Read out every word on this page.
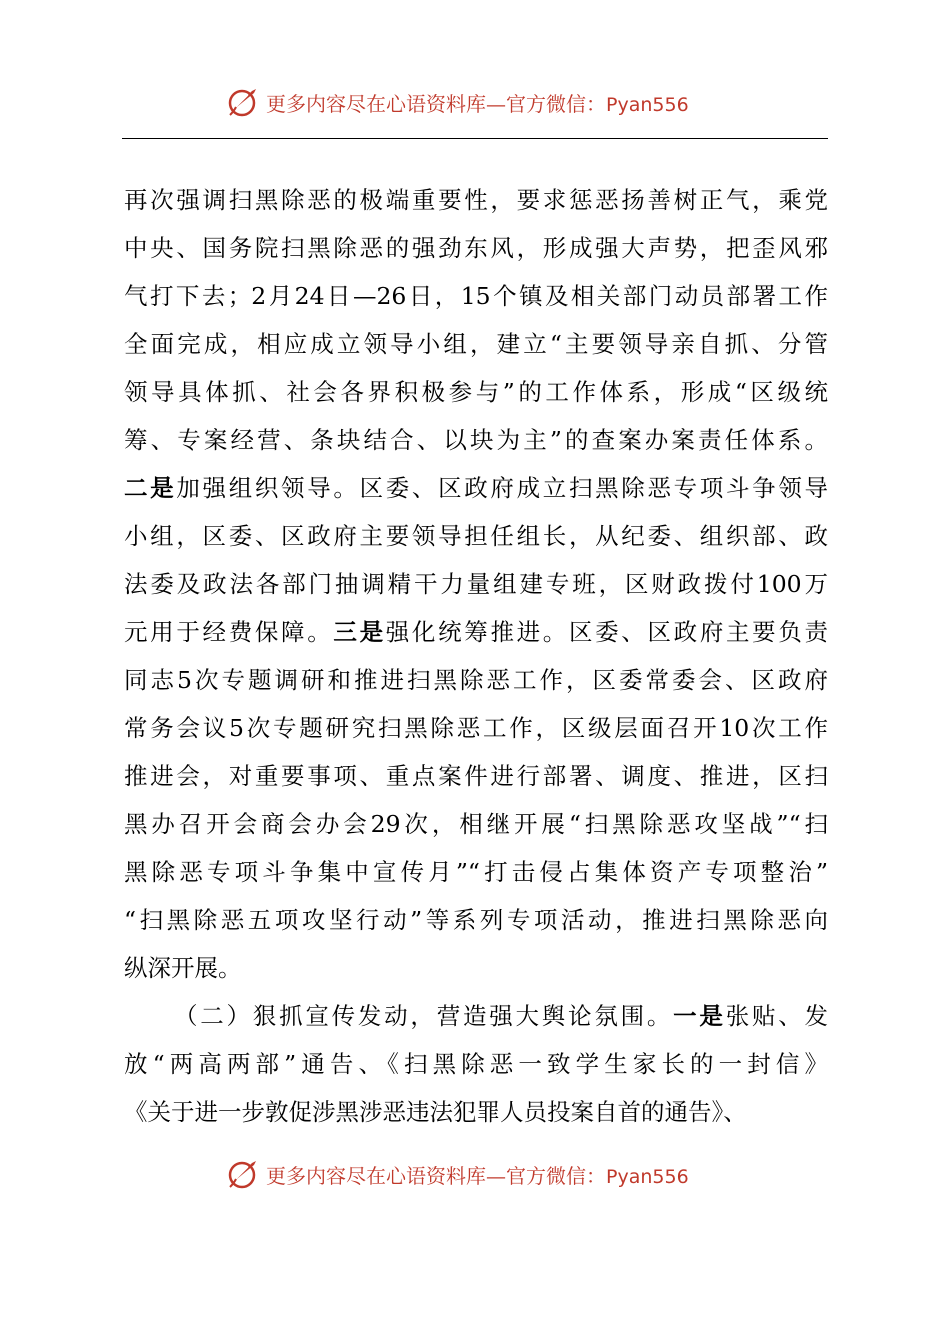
更多内容尽在心语资料库—官方微信：Pyan556
再次强调扫黑除恶的极端重要性，要求惩恶扬善树正气，乘党
中央、国务院扫黑除恶的强劲东风，形成强大声势，把歪风邪
气打下去；2月24日—26日，15个镇及相关部门动员部署工作
全面完成，相应成立领导小组，建立“主要领导亲自抓、分管
领导具体抓、社会各界积极参与”的工作体系，形成“区级统
筹、专案经营、条块结合、以块为主”的查案办案责任体系。
二是加强组织领导。区委、区政府成立扫黑除恶专项斗争领导
小组，区委、区政府主要领导担任组长，从纪委、组织部、政
法委及政法各部门抽调精干力量组建专班，区财政拨付100万
元用于经费保障。三是强化统筹推进。区委、区政府主要负责
同志5次专题调研和推进扫黑除恶工作，区委常委会、区政府
常务会议5次专题研究扫黑除恶工作，区级层面召开10次工作
推进会，对重要事项、重点案件进行部署、调度、推进，区扫
黑办召开会商会办会29次，相继开展“扫黑除恶攻坚战”“扫
黑除恶专项斗争集中宣传月”“打击侵占集体资产专项整治”
“扫黑除恶五项攻坚行动”等系列专项活动，推进扫黑除恶向
纵深开展。
（二）狠抓宣传发动，营造强大舆论氛围。一是张贴、发
放“两高两部”通告、《扫黑除恶一致学生家长的一封信》
《关于进一步敦促涉黑涉恶违法犯罪人员投案自首的通告》、
更多内容尽在心语资料库—官方微信：Pyan556
